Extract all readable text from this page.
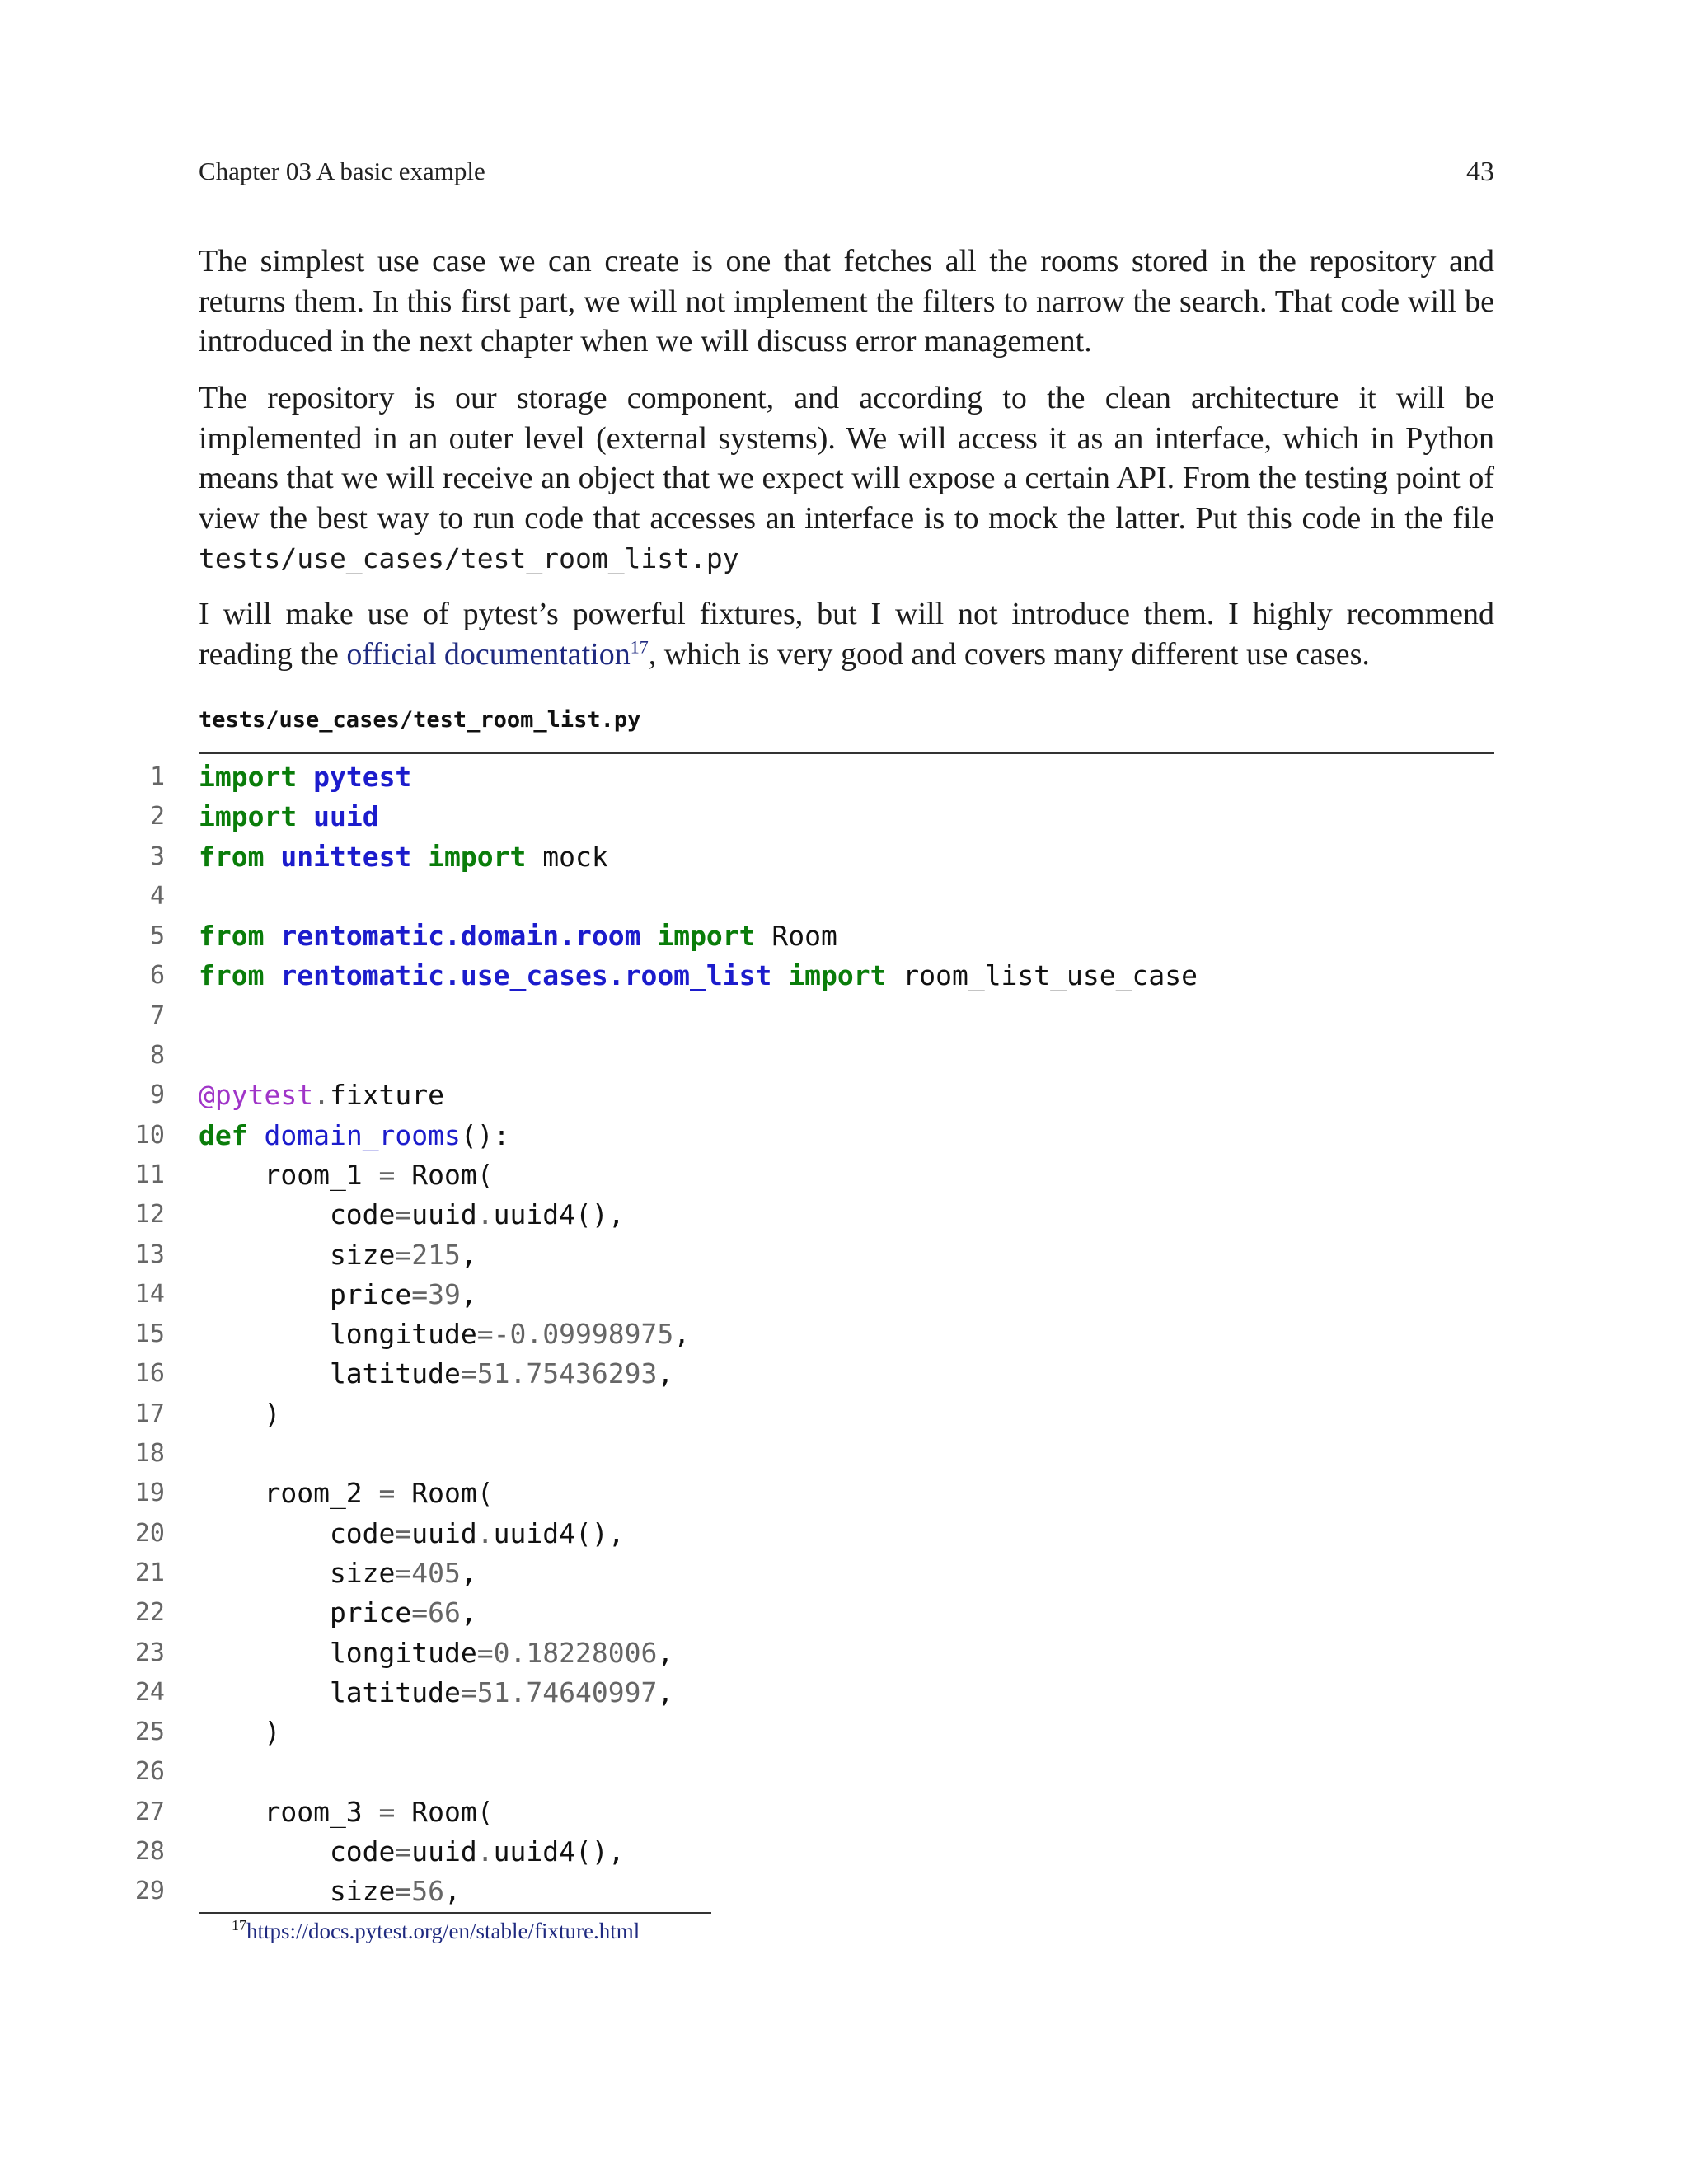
Chapter 03 A basic example	43

The simplest use case we can create is one that fetches all the rooms stored in the repository and returns them. In this first part, we will not implement the filters to narrow the search. That code will be introduced in the next chapter when we will discuss error management.

The repository is our storage component, and according to the clean architecture it will be implemented in an outer level (external systems). We will access it as an interface, which in Python means that we will receive an object that we expect will expose a certain API. From the testing point of view the best way to run code that accesses an interface is to mock the latter. Put this code in the file tests/use_cases/test_room_list.py

I will make use of pytest’s powerful fixtures, but I will not introduce them. I highly recommend reading the official documentation$^{17}$, which is very good and covers many different use cases.

tests/use_cases/test_room_list.py
1 import pytest
2 import uuid
3 from unittest import mock
4
5 from rentomatic.domain.room import Room
6 from rentomatic.use_cases.room_list import room_list_use_case
7
8
9 @pytest.fixture
10 def domain_rooms():
11 room_1 = Room(
12 code=uuid.uuid4(),
13 size=215,
14 price=39,
15 longitude=-0.09998975,
16 latitude=51.75436293,
17 )
18
19 room_2 = Room(
20 code=uuid.uuid4(),
21 size=405,
22 price=66,
23 longitude=0.18228006,
24 latitude=51.74640997,
25 )
26
27 room_3 = Room(
28 code=uuid.uuid4(),
29 size=56,
$^{17}$https://docs.pytest.org/en/stable/fixture.html
